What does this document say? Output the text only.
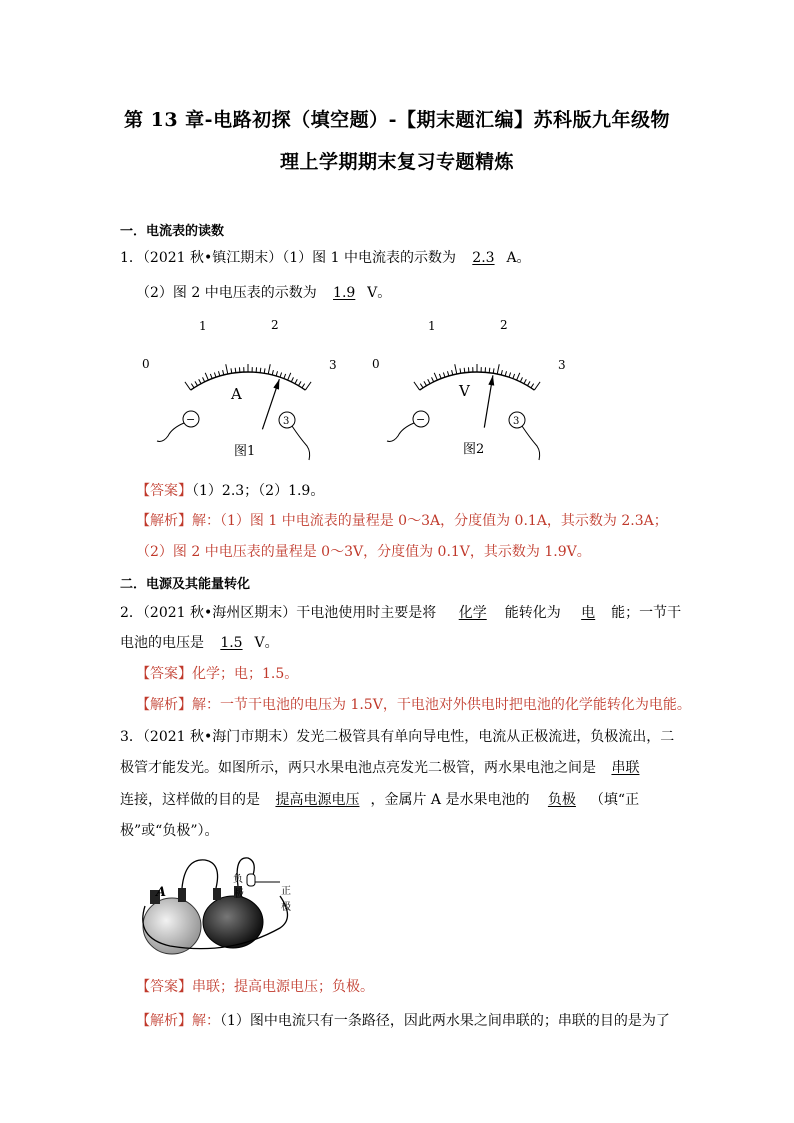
第 13 章-电路初探（填空题）-【期末题汇编】苏科版九年级物
理上学期期末复习专题精炼
一．电流表的读数
1．（2021 秋•镇江期末）（1）图 1 中电流表的示数为 2.3 A。
（2）图 2 中电压表的示数为 1.9 V。
0
1	2
3
A
−	3
图1
0
1	2
3
V
−	3
图2
【答案】（1）2.3；（2）1.9。
【解析】解：（1）图 1 中电流表的量程是 0～3A，分度值为 0.1A，其示数为 2.3A；
（2）图 2 中电压表的量程是 0～3V，分度值为 0.1V，其示数为 1.9V。
二．电源及其能量转化
2．（2021 秋•海州区期末）干电池使用时主要是将 化学 能转化为 电 能；一节干
电池的电压是 1.5 V。
【答案】化学；电；1.5。
【解析】解：一节干电池的电压为 1.5V，干电池对外供电时把电池的化学能转化为电能。
3．（2021 秋•海门市期末）发光二极管具有单向导电性，电流从正极流进，负极流出，二
极管才能发光。如图所示，两只水果电池点亮发光二极管，两水果电池之间是 串联
连接，这样做的目的是 提高电源电压 ，金属片 A 是水果电池的 负极 （填“正
极”或“负极”）。
A
负
极	正
极
【答案】串联；提高电源电压；负极。
【解析】解：（1）图中电流只有一条路径，因此两水果之间串联的；串联的目的是为了
